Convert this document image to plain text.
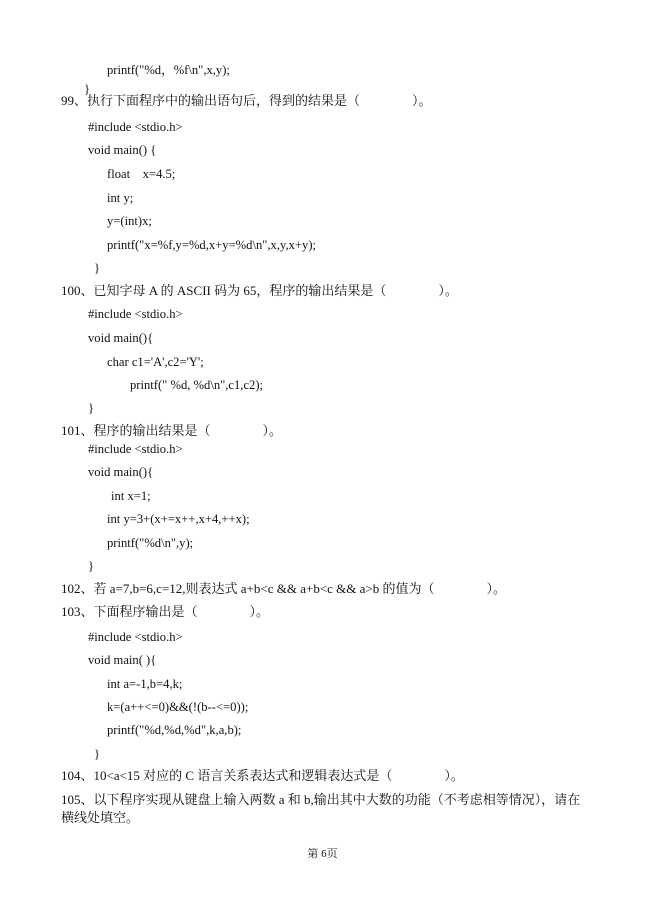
printf("%d，%f\n",x,y);
}
99、执行下面程序中的输出语句后，得到的结果是（                ）。
#include <stdio.h>
void main() {
float    x=4.5;
int y;
y=(int)x;
printf("x=%f,y=%d,x+y=%d\n",x,y,x+y);
}
100、已知字母 A 的 ASCII 码为 65，程序的输出结果是（                ）。
#include <stdio.h>
void main(){
char c1='A',c2='Y';
printf(" %d, %d\n",c1,c2);
}
101、程序的输出结果是（                ）。
#include <stdio.h>
void main(){
int x=1;
int y=3+(x+=x++,x+4,++x);
printf("%d\n",y);
}
102、若 a=7,b=6,c=12,则表达式 a+b<c && a+b<c && a>b 的值为（                ）。
103、下面程序输出是（                ）。
#include <stdio.h>
void main( ){
int a=-1,b=4,k;
k=(a++<=0)&&(!(b--<=0));
printf("%d,%d,%d",k,a,b);
}
104、10<a<15 对应的 C 语言关系表达式和逻辑表达式是（                ）。
105、以下程序实现从键盘上输入两数 a 和 b,输出其中大数的功能（不考虑相等情况），请在
横线处填空。
第 6页
